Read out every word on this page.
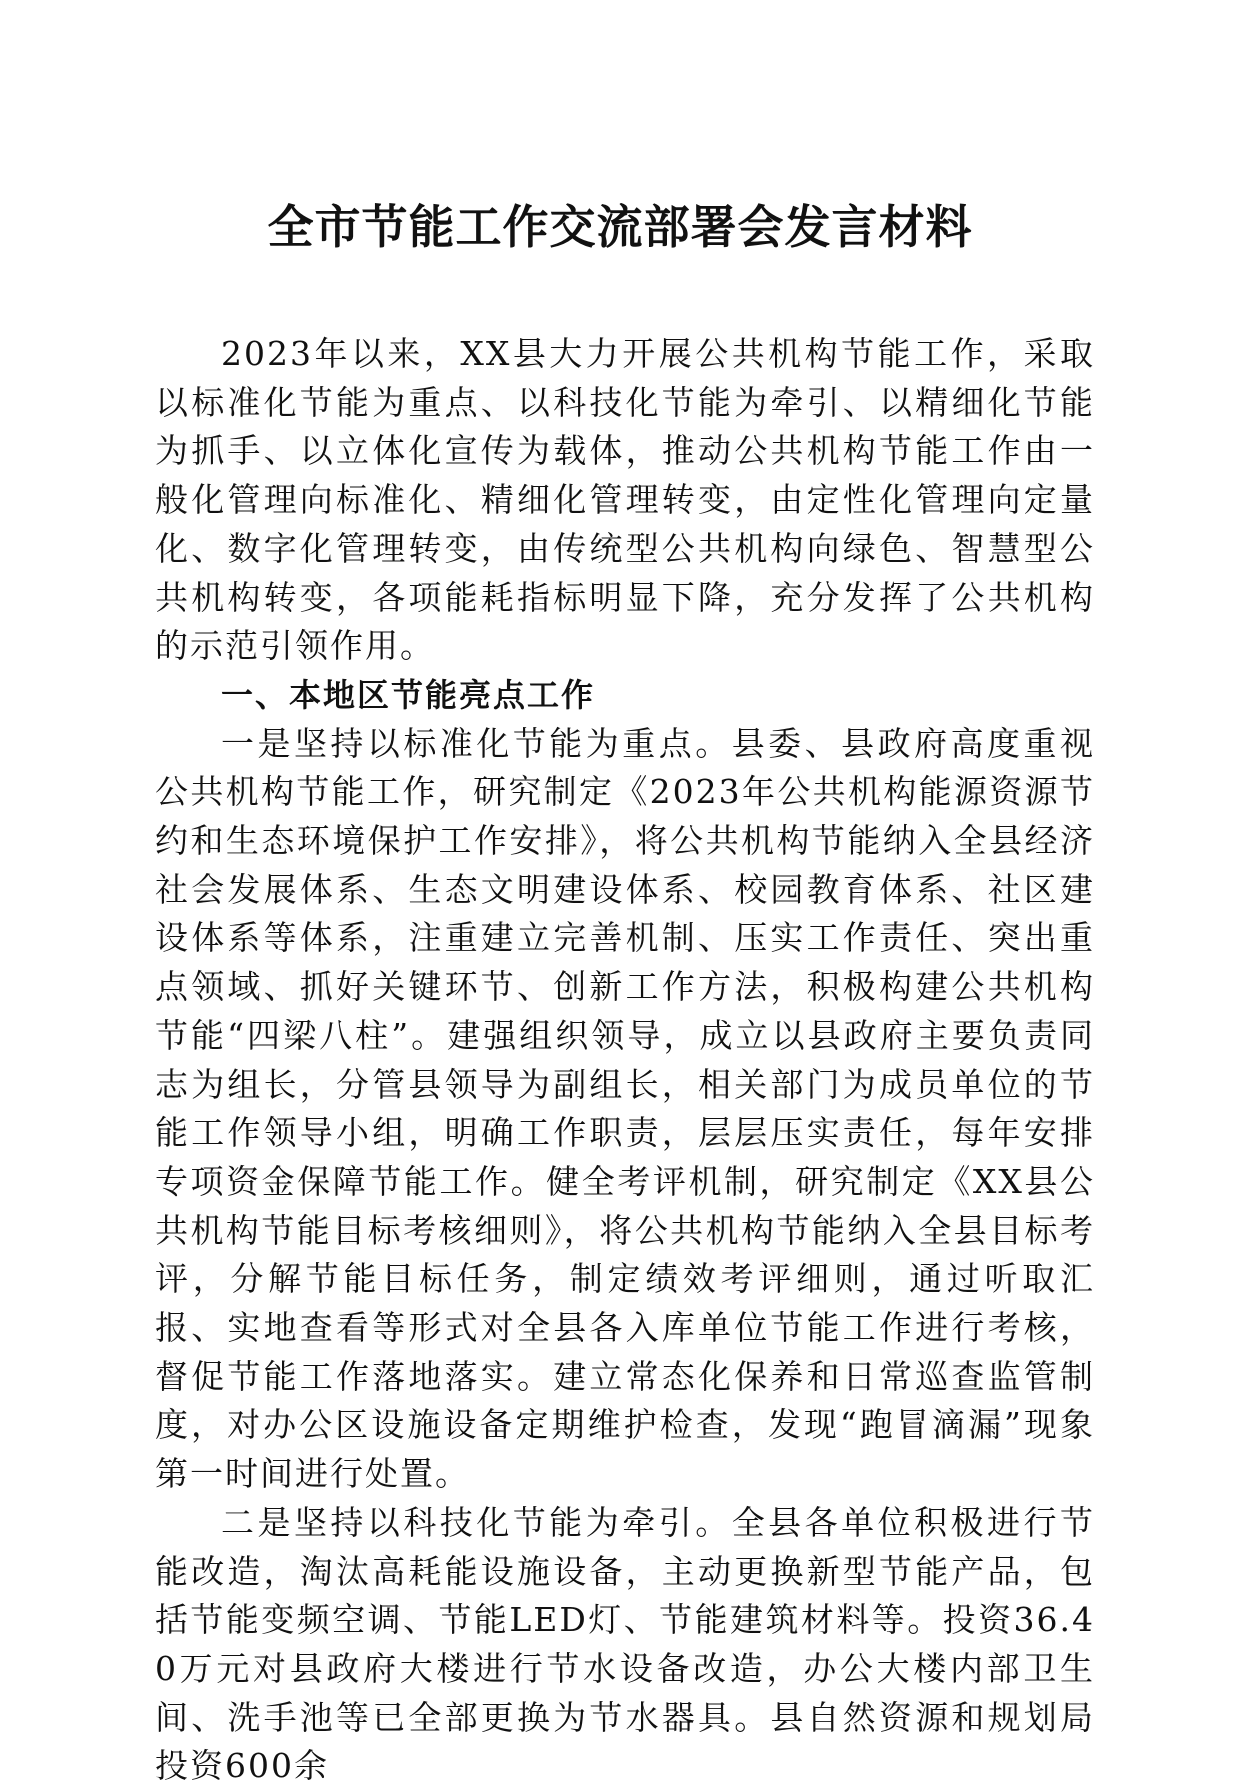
全市节能工作交流部署会发言材料

2023年以来，XX县大力开展公共机构节能工作，采取以标准化节能为重点、以科技化节能为牵引、以精细化节能为抓手、以立体化宣传为载体，推动公共机构节能工作由一般化管理向标准化、精细化管理转变，由定性化管理向定量化、数字化管理转变，由传统型公共机构向绿色、智慧型公共机构转变，各项能耗指标明显下降，充分发挥了公共机构的示范引领作用。

一、本地区节能亮点工作

一是坚持以标准化节能为重点。县委、县政府高度重视公共机构节能工作，研究制定《2023年公共机构能源资源节约和生态环境保护工作安排》，将公共机构节能纳入全县经济社会发展体系、生态文明建设体系、校园教育体系、社区建设体系等体系，注重建立完善机制、压实工作责任、突出重点领域、抓好关键环节、创新工作方法，积极构建公共机构节能“四梁八柱”。建强组织领导，成立以县政府主要负责同志为组长，分管县领导为副组长，相关部门为成员单位的节能工作领导小组，明确工作职责，层层压实责任，每年安排专项资金保障节能工作。健全考评机制，研究制定《XX县公共机构节能目标考核细则》，将公共机构节能纳入全县目标考评，分解节能目标任务，制定绩效考评细则，通过听取汇报、实地查看等形式对全县各入库单位节能工作进行考核，督促节能工作落地落实。建立常态化保养和日常巡查监管制度，对办公区设施设备定期维护检查，发现“跑冒滴漏”现象第一时间进行处置。

二是坚持以科技化节能为牵引。全县各单位积极进行节能改造，淘汰高耗能设施设备，主动更换新型节能产品，包括节能变频空调、节能LED灯、节能建筑材料等。投资36.40万元对县政府大楼进行节水设备改造，办公大楼内部卫生间、洗手池等已全部更换为节水器具。县自然资源和规划局投资600余
